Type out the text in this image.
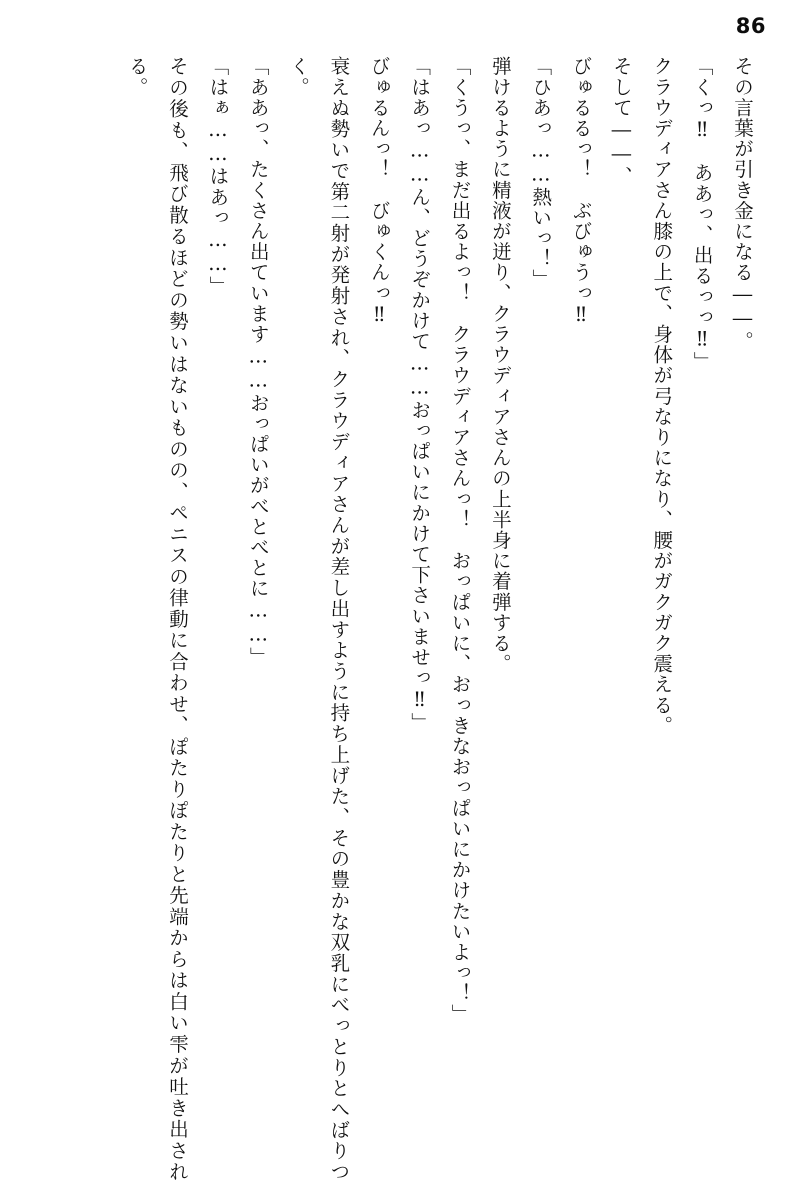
86

その言葉が引き金になる――。

「くっ‼　ああっ、出るっっ‼」

クラウディアさん膝の上で、身体が弓なりになり、腰がガクガク震える。

そして――、

びゅるるっ！　ぶびゅうっ‼

「ひあっ……熱いっ！」

弾けるように精液が迸り、クラウディアさんの上半身に着弾する。

「くうっ、まだ出るよっ！　クラウディアさんっ！　おっぱいに、おっきなおっぱいにかけたいよっ！」

「はあっ……ん、どうぞかけて……おっぱいにかけて下さいませっ‼」

びゅるんっ！　びゅくんっ‼

衰えぬ勢いで第二射が発射され、クラウディアさんが差し出すように持ち上げた、その豊かな双乳にべっとりとへばりつく。

「ああっ、たくさん出ています……おっぱいがべとべとに……」

「はぁ……はあっ……」

その後も、飛び散るほどの勢いはないものの、ペニスの律動に合わせ、ぽたりぽたりと先端からは白い雫が吐き出される。
